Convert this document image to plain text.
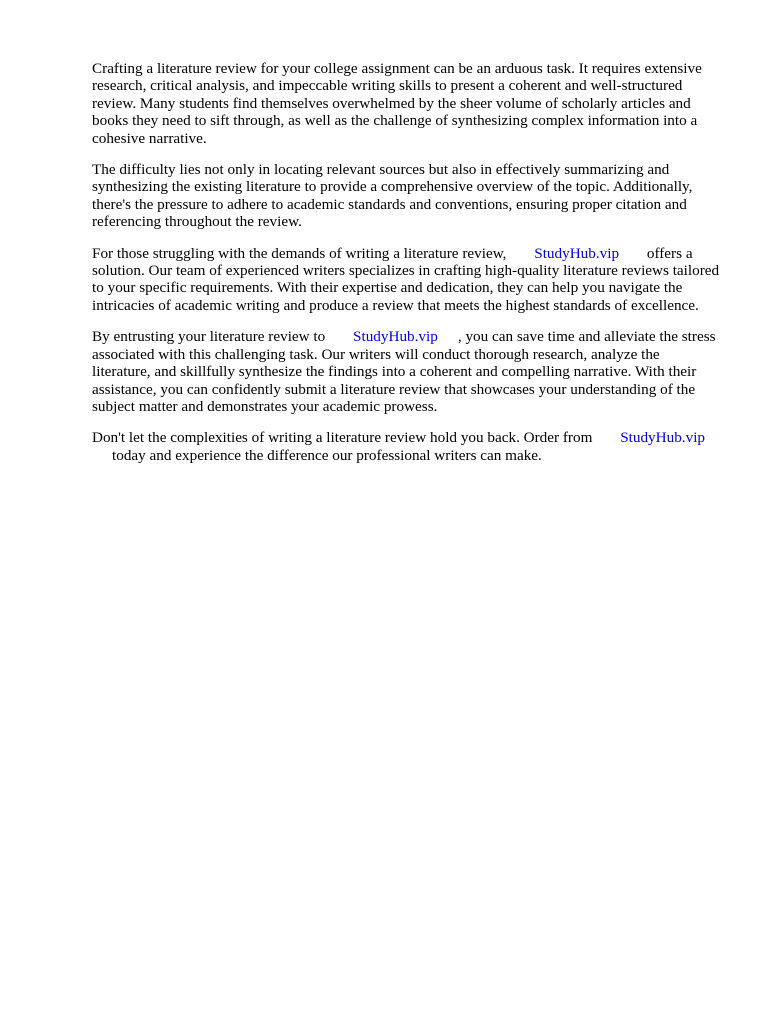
Crafting a literature review for your college assignment can be an arduous task. It requires extensive research, critical analysis, and impeccable writing skills to present a coherent and well-structured review. Many students find themselves overwhelmed by the sheer volume of scholarly articles and books they need to sift through, as well as the challenge of synthesizing complex information into a cohesive narrative.

The difficulty lies not only in locating relevant sources but also in effectively summarizing and synthesizing the existing literature to provide a comprehensive overview of the topic. Additionally, there's the pressure to adhere to academic standards and conventions, ensuring proper citation and referencing throughout the review.

For those struggling with the demands of writing a literature review, StudyHub.vip offers a solution. Our team of experienced writers specializes in crafting high-quality literature reviews tailored to your specific requirements. With their expertise and dedication, they can help you navigate the intricacies of academic writing and produce a review that meets the highest standards of excellence.

By entrusting your literature review to StudyHub.vip , you can save time and alleviate the stress associated with this challenging task. Our writers will conduct thorough research, analyze the literature, and skillfully synthesize the findings into a coherent and compelling narrative. With their assistance, you can confidently submit a literature review that showcases your understanding of the subject matter and demonstrates your academic prowess.

Don't let the complexities of writing a literature review hold you back. Order from StudyHub.vip
today and experience the difference our professional writers can make.
